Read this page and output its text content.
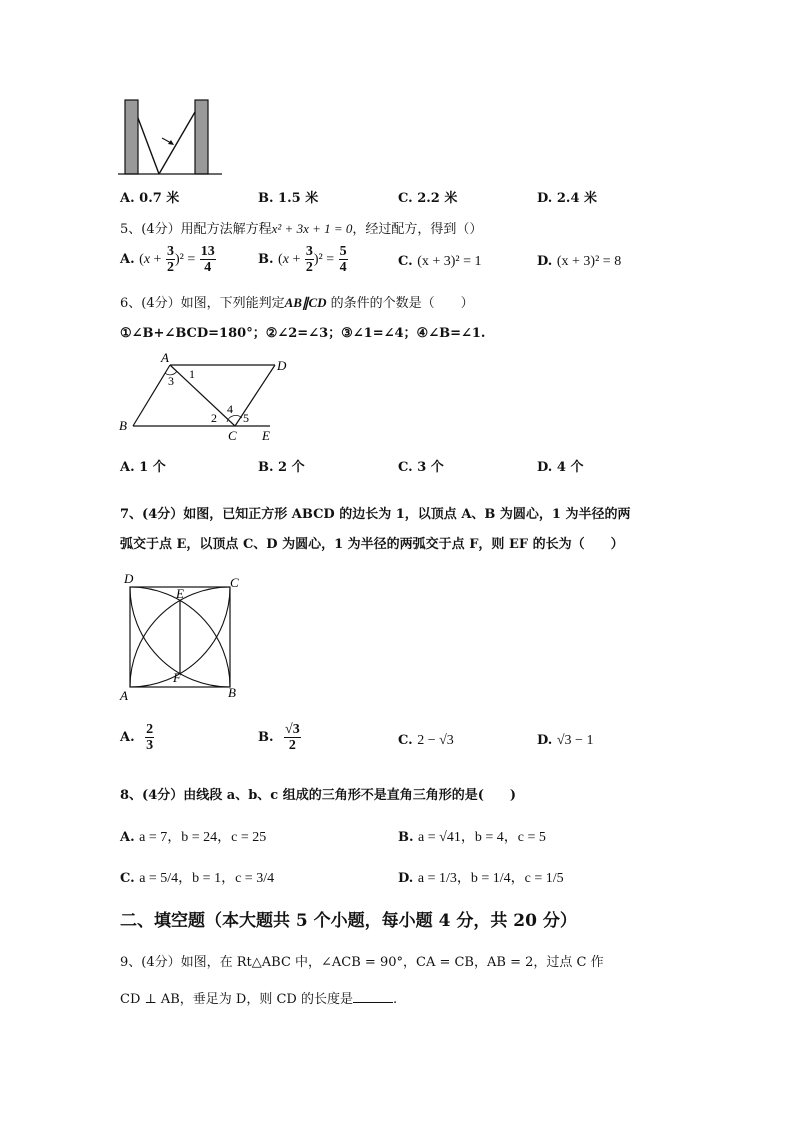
A. 0.7 米	B. 1.5 米	C. 2.2 米	D. 2.4 米
5、(4分）用配方法解方程x² + 3x + 1 = 0，经过配方，得到（）
A. $(x + \frac{3}{2} )^2 = \frac{13}{4}$	B. $(x + \frac{3}{2} )^2 = \frac{5}{4}$	C. (x + 3)² = 1	D. (x + 3)² = 8
6、(4分）如图，下列能判定AB∥CD 的条件的个数是（　　）
①∠B+∠BCD=180°；②∠2=∠3；③∠1=∠4；④∠B=∠1.
A
D
B
C E
1
2
3
4
5
A. 1 个	B. 2 个	C. 3 个	D. 4 个
7、(4分）如图，已知正方形 ABCD 的边长为 1，以顶点 A、B 为圆心，1 为半径的两
弧交于点 E，以顶点 C、D 为圆心，1 为半径的两弧交于点 F，则 EF 的长为（　　）
D	C
E
F
A	B
A. $\frac{2}{3}$	B. $\frac{√3}{2}$	C. 2 − √3	D. √3 − 1
8、(4分）由线段 a、b、c 组成的三角形不是直角三角形的是(　　)
A. a = 7，b = 24，c = 25	B. a = √41，b = 4，c = 5
C. a = 5/4，b = 1，c = 3/4	D. a = 1/3，b = 1/4，c = 1/5
二、填空题（本大题共 5 个小题，每小题 4 分，共 20 分）
9、(4分）如图，在 Rt△ABC 中，∠ACB = 90°，CA = CB，AB = 2，过点 C 作
CD ⊥ AB，垂足为 D，则 CD 的长度是	.
